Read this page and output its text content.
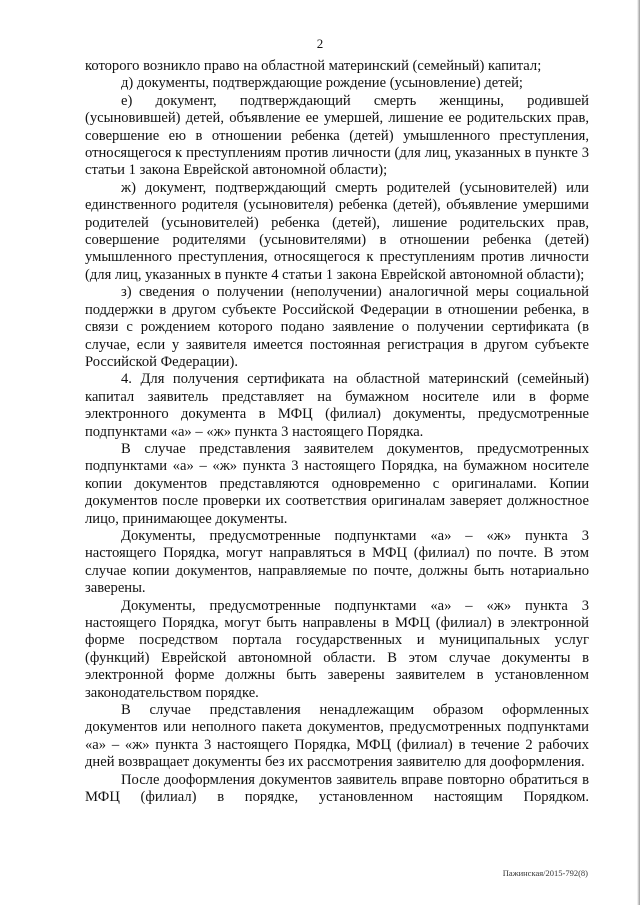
2

которого возникло право на областной материнский (семейный) капитал;

д) документы, подтверждающие рождение (усыновление) детей;

е) документ, подтверждающий смерть женщины, родившей (усыновившей) детей, объявление ее умершей, лишение ее родительских прав, совершение ею в отношении ребенка (детей) умышленного преступления, относящегося к преступлениям против личности (для лиц, указанных в пункте 3 статьи 1 закона Еврейской автономной области);

ж) документ, подтверждающий смерть родителей (усыновителей) или единственного родителя (усыновителя) ребенка (детей), объявление умершими родителей (усыновителей) ребенка (детей), лишение родительских прав, совершение родителями (усыновителями) в отношении ребенка (детей) умышленного преступления, относящегося к преступлениям против личности (для лиц, указанных в пункте 4 статьи 1 закона Еврейской автономной области);

з) сведения о получении (неполучении) аналогичной меры социальной поддержки в другом субъекте Российской Федерации в отношении ребенка, в связи с рождением которого подано заявление о получении сертификата (в случае, если у заявителя имеется постоянная регистрация в другом субъекте Российской Федерации).

4. Для получения сертификата на областной материнский (семейный) капитал заявитель представляет на бумажном носителе или в форме электронного документа в МФЦ (филиал) документы, предусмотренные подпунктами «а» – «ж» пункта 3 настоящего Порядка.

В случае представления заявителем документов, предусмотренных подпунктами «а» – «ж» пункта 3 настоящего Порядка, на бумажном носителе копии документов представляются одновременно с оригиналами. Копии документов после проверки их соответствия оригиналам заверяет должностное лицо, принимающее документы.

Документы, предусмотренные подпунктами «а» – «ж» пункта 3 настоящего Порядка, могут направляться в МФЦ (филиал) по почте. В этом случае копии документов, направляемые по почте, должны быть нотариально заверены.

Документы, предусмотренные подпунктами «а» – «ж» пункта 3 настоящего Порядка, могут быть направлены в МФЦ (филиал) в электронной форме посредством портала государственных и муниципальных услуг (функций) Еврейской автономной области. В этом случае документы в электронной форме должны быть заверены заявителем в установленном законодательством порядке.

В случае представления ненадлежащим образом оформленных документов или неполного пакета документов, предусмотренных подпунктами «а» – «ж» пункта 3 настоящего Порядка, МФЦ (филиал) в течение 2 рабочих дней возвращает документы без их рассмотрения заявителю для дооформления.

После дооформления документов заявитель вправе повторно обратиться в МФЦ (филиал) в порядке, установленном настоящим Порядком.

Пажинская/2015-792(8)
